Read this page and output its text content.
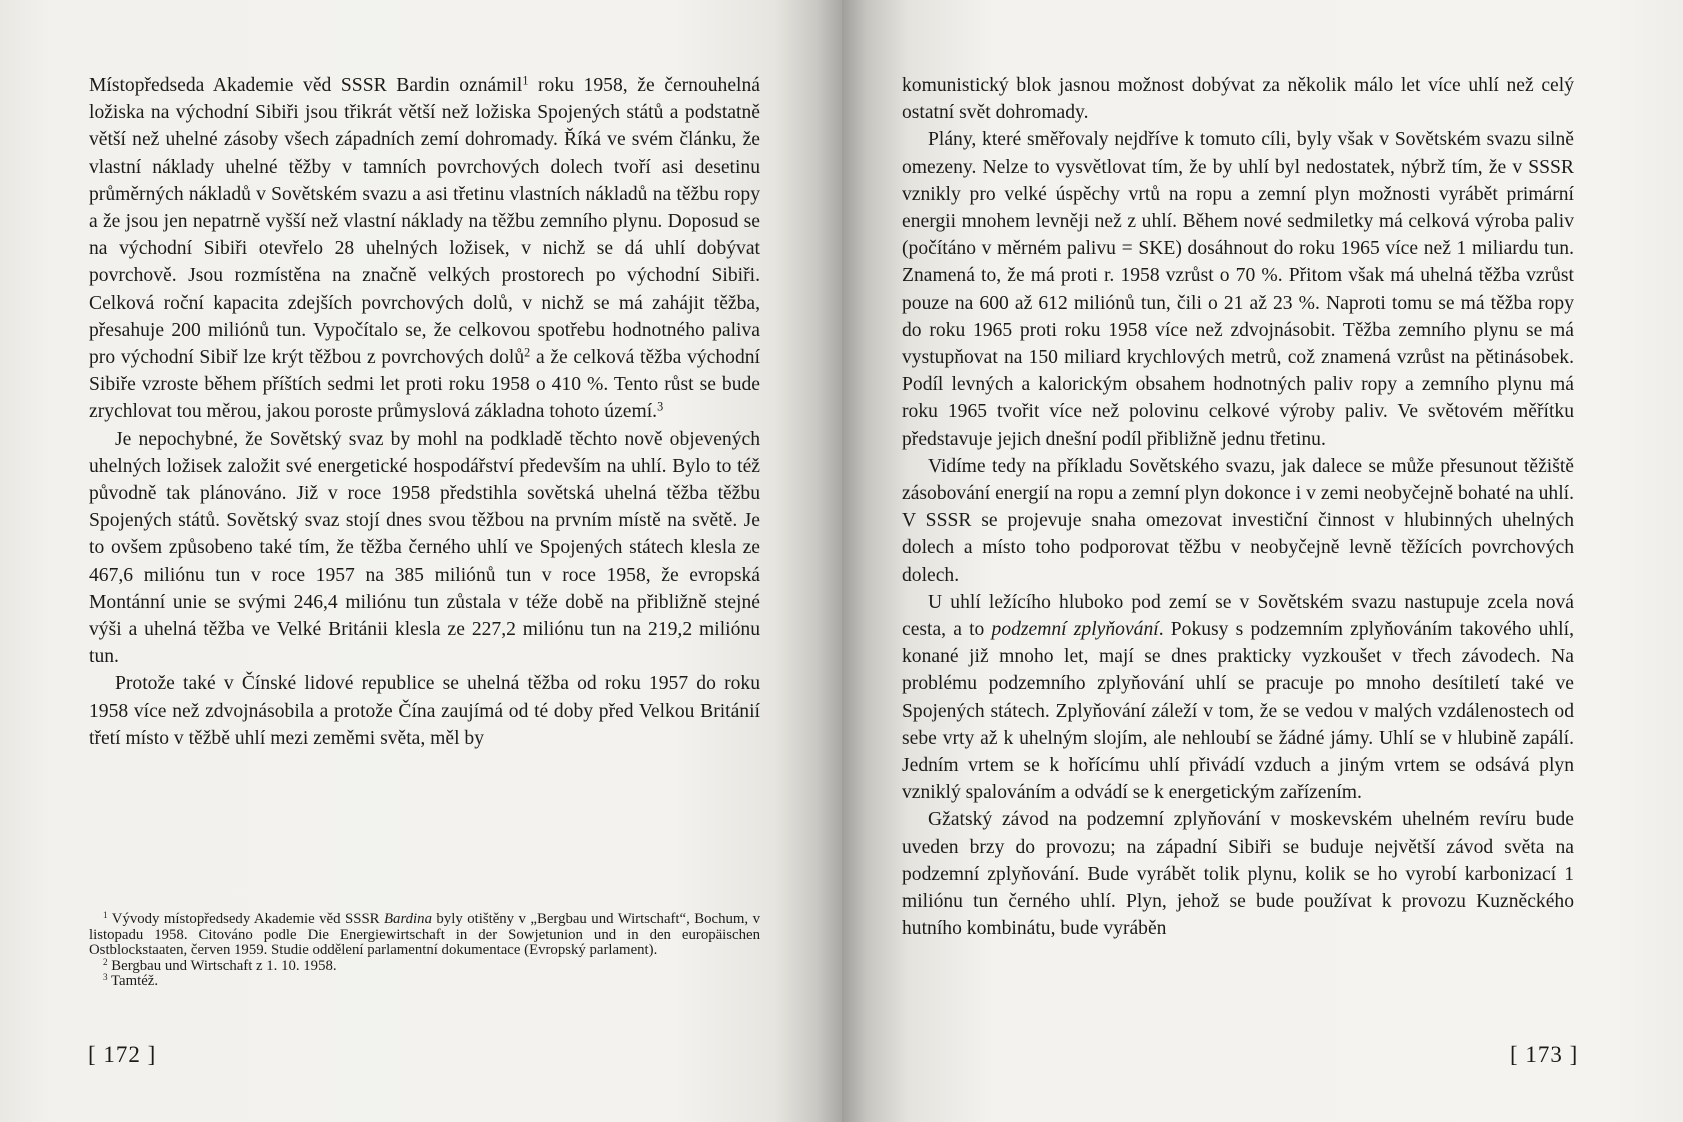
Místopředseda Akademie věd SSSR Bardin oznámil$^1$ roku 1958, že černouhelná ložiska na východní Sibiři jsou třikrát větší než ložiska Spojených států a podstatně větší než uhelné zásoby všech západních zemí dohromady. Říká ve svém článku, že vlastní náklady uhelné těžby v tamních povrchových dolech tvoří asi desetinu průměrných nákladů v Sovětském svazu a asi třetinu vlastních nákladů na těžbu ropy a že jsou jen nepatrně vyšší než vlastní náklady na těžbu zemního plynu. Doposud se na východní Sibiři otevřelo 28 uhelných ložisek, v nichž se dá uhlí dobývat povrchově. Jsou rozmístěna na značně velkých prostorech po východní Sibiři. Celková roční kapacita zdejších povrchových dolů, v nichž se má zahájit těžba, přesahuje 200 miliónů tun. Vypočítalo se, že celkovou spotřebu hodnotného paliva pro východní Sibiř lze krýt těžbou z povrchových dolů$^2$ a že celková těžba východní Sibiře vzroste během příštích sedmi let proti roku 1958 o 410 %. Tento růst se bude zrychlovat tou měrou, jakou poroste průmyslová základna tohoto území.$^3$

Je nepochybné, že Sovětský svaz by mohl na podkladě těchto nově objevených uhelných ložisek založit své energetické hospodářství především na uhlí. Bylo to též původně tak plánováno. Již v roce 1958 předstihla sovětská uhelná těžba těžbu Spojených států. Sovětský svaz stojí dnes svou těžbou na prvním místě na světě. Je to ovšem způsobeno také tím, že těžba černého uhlí ve Spojených státech klesla ze 467,6 miliónu tun v roce 1957 na 385 miliónů tun v roce 1958, že evropská Montánní unie se svými 246,4 miliónu tun zůstala v téže době na přibližně stejné výši a uhelná těžba ve Velké Británii klesla ze 227,2 miliónu tun na 219,2 miliónu tun.

Protože také v Čínské lidové republice se uhelná těžba od roku 1957 do roku 1958 více než zdvojnásobila a protože Čína zaujímá od té doby před Velkou Británií třetí místo v těžbě uhlí mezi zeměmi světa, měl by

$^1$ Vývody místopředsedy Akademie věd SSSR Bardina byly otištěny v „Bergbau und Wirtschaft“, Bochum, v listopadu 1958. Citováno podle Die Energiewirtschaft in der Sowjetunion und in den europäischen Ostblockstaaten, červen 1959. Studie oddělení parlamentní dokumentace (Evropský parlament).

$^2$ Bergbau und Wirtschaft z 1. 10. 1958.

$^3$ Tamtéž.

[ 172 ]

komunistický blok jasnou možnost dobývat za několik málo let více uhlí než celý ostatní svět dohromady.

Plány, které směřovaly nejdříve k tomuto cíli, byly však v Sovětském svazu silně omezeny. Nelze to vysvětlovat tím, že by uhlí byl nedostatek, nýbrž tím, že v SSSR vznikly pro velké úspěchy vrtů na ropu a zemní plyn možnosti vyrábět primární energii mnohem levněji než z uhlí. Během nové sedmiletky má celková výroba paliv (počítáno v měrném palivu = SKE) dosáhnout do roku 1965 více než 1 miliardu tun. Znamená to, že má proti r. 1958 vzrůst o 70 %. Přitom však má uhelná těžba vzrůst pouze na 600 až 612 miliónů tun, čili o 21 až 23 %. Naproti tomu se má těžba ropy do roku 1965 proti roku 1958 více než zdvojnásobit. Těžba zemního plynu se má vystupňovat na 150 miliard krychlových metrů, což znamená vzrůst na pětinásobek. Podíl levných a kalorickým obsahem hodnotných paliv ropy a zemního plynu má roku 1965 tvořit více než polovinu celkové výroby paliv. Ve světovém měřítku představuje jejich dnešní podíl přibližně jednu třetinu.

Vidíme tedy na příkladu Sovětského svazu, jak dalece se může přesunout těžiště zásobování energií na ropu a zemní plyn dokonce i v zemi neobyčejně bohaté na uhlí. V SSSR se projevuje snaha omezovat investiční činnost v hlubinných uhelných dolech a místo toho podporovat těžbu v neobyčejně levně těžících povrchových dolech.

U uhlí ležícího hluboko pod zemí se v Sovětském svazu nastupuje zcela nová cesta, a to podzemní zplyňování. Pokusy s podzemním zplyňováním takového uhlí, konané již mnoho let, mají se dnes prakticky vyzkoušet v třech závodech. Na problému podzemního zplyňování uhlí se pracuje po mnoho desítiletí také ve Spojených státech. Zplyňování záleží v tom, že se vedou v malých vzdálenostech od sebe vrty až k uhelným slojím, ale nehloubí se žádné jámy. Uhlí se v hlubině zapálí. Jedním vrtem se k hořícímu uhlí přivádí vzduch a jiným vrtem se odsává plyn vzniklý spalováním a odvádí se k energetickým zařízením.

Gžatský závod na podzemní zplyňování v moskevském uhelném revíru bude uveden brzy do provozu; na západní Sibiři se buduje největší závod světa na podzemní zplyňování. Bude vyrábět tolik plynu, kolik se ho vyrobí karbonizací 1 miliónu tun černého uhlí. Plyn, jehož se bude používat k provozu Kuzněckého hutního kombinátu, bude vyráběn

[ 173 ]
